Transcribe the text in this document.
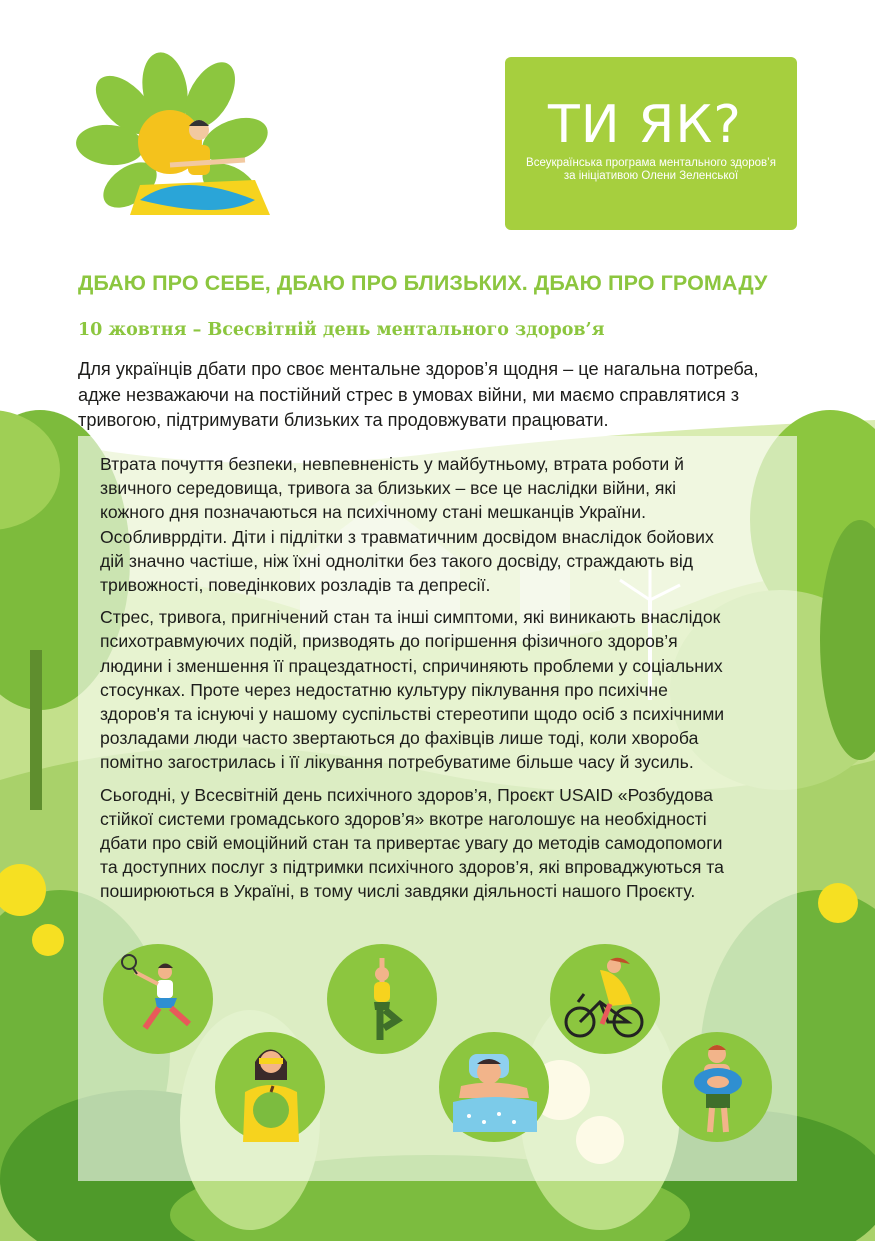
ТИ ЯК?
Всеукраїнська програма ментального здоров’я
за ініціативою Олени Зеленської
ДБАЮ ПРО СЕБЕ, ДБАЮ ПРО БЛИЗЬКИХ. ДБАЮ ПРО ГРОМАДУ
10 жовтня – Всесвітній день ментального здоров’я
Для українців дбати про своє ментальне здоров’я щодня – це нагальна потреба,
адже незважаючи на постійний стрес в умовах війни, ми маємо справлятися з
тривогою, підтримувати близьких та продовжувати працювати.

Втрата почуття безпеки, невпевненість у майбутньому, втрата роботи й
звичного середовища, тривога за близьких – все це наслідки війни, які
кожного дня позначаються на психічному стані мешканців України.
Особливррдіти. Діти і підлітки з травматичним досвідом внаслідок бойових
дій значно частіше, ніж їхні однолітки без такого досвіду, страждають від
тривожності, поведінкових розладів та депресії.

Стрес, тривога, пригнічений стан та інші симптоми, які виникають внаслідок
психотравмуючих подій, призводять до погіршення фізичного здоров’я
людини і зменшення її працездатності, спричиняють проблеми у соціальних
стосунках. Проте через недостатню культуру піклування про психічне
здоров'я та існуючі у нашому суспільстві стереотипи щодо осіб з психічними
розладами люди часто звертаються до фахівців лише тоді, коли хвороба
помітно загострилась і її лікування потребуватиме більше часу й зусиль.

Сьогодні, у Всесвітній день психічного здоров’я, Проєкт USAID «Розбудова
стійкої системи громадського здоров’я» вкотре наголошує на необхідності
дбати про свій емоційний стан та привертає увагу до методів самодопомоги
та доступних послуг з підтримки психічного здоров’я, які впроваджуються та
поширюються в Україні, в тому числі завдяки діяльності нашого Проєкту.
